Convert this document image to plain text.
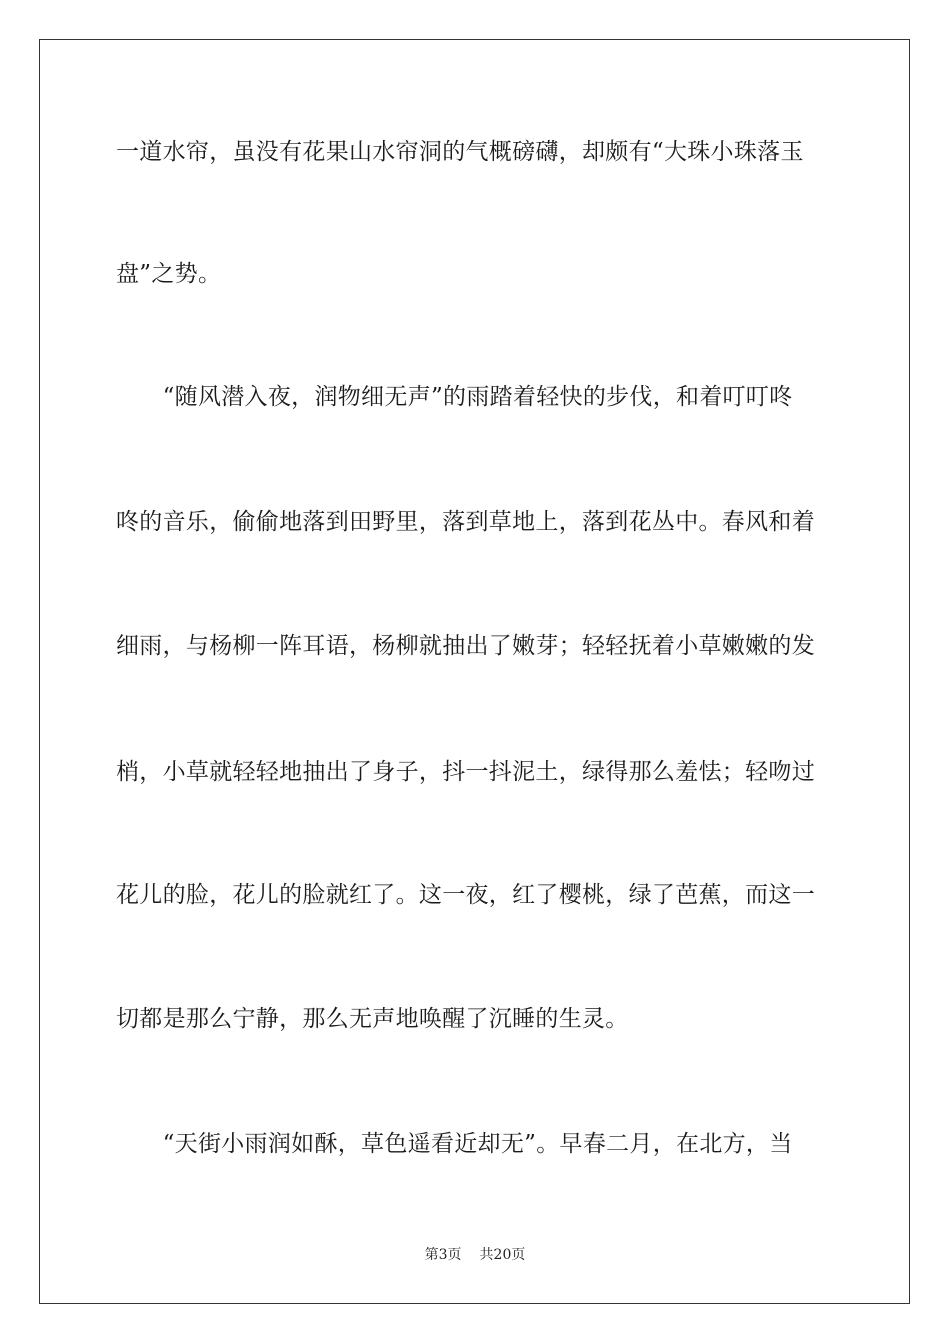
一道水帘，虽没有花果山水帘洞的气概磅礴，却颇有“大珠小珠落玉
盘”之势。
　　“随风潜入夜，润物细无声”的雨踏着轻快的步伐，和着叮叮咚
咚的音乐，偷偷地落到田野里，落到草地上，落到花丛中。春风和着
细雨，与杨柳一阵耳语，杨柳就抽出了嫩芽；轻轻抚着小草嫩嫩的发
梢，小草就轻轻地抽出了身子，抖一抖泥土，绿得那么羞怯；轻吻过
花儿的脸，花儿的脸就红了。这一夜，红了樱桃，绿了芭蕉，而这一
切都是那么宁静，那么无声地唤醒了沉睡的生灵。
　　“天街小雨润如酥，草色遥看近却无”。早春二月，在北方，当
第3页 共20页
